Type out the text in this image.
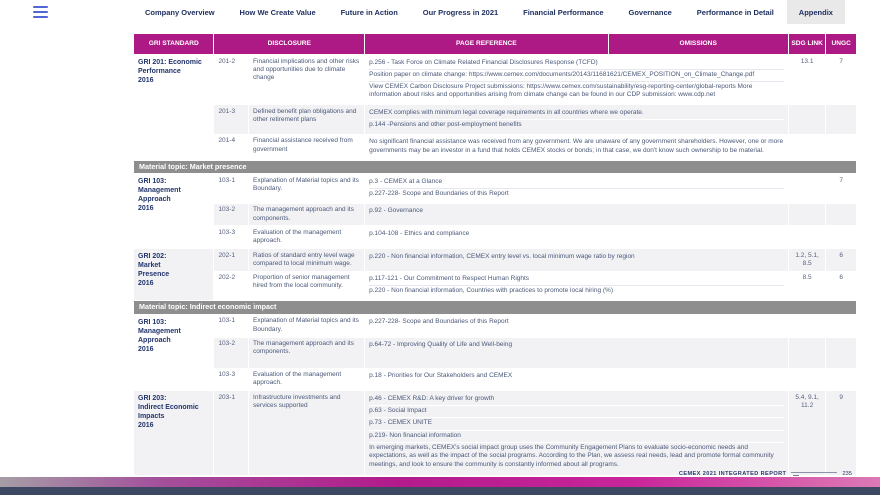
Company Overview	How We Create Value	Future in Action	Our Progress in 2021	Financial Performance	Governance	Performance in Detail	Appendix
GRI STANDARD	DISCLOSURE		PAGE REFERENCE	OMISSIONS	SDG LINK	UNGC

GRI 201: Economic
Performance
2016
	201-2	Financial implications and other risks and opportunities due to climate change	
p.256 - Task Force on Climate Related Financial Disclosures Response (TCFD)
Position paper on climate change: https://www.cemex.com/documents/20143/11681621/CEMEX_POSITION_on_Climate_Change.pdf
View CEMEX Carbon Disclosure Project submissions: https://www.cemex.com/sustainability/esg-reporting-center/global-reports More information about risks and opportunities arising from climate change can be found in our CDP submission: www.cdp.net
	13.1	7
	201-3	Defined benefit plan obligations and other retirement plans	CEMEX complies with minimum legal coverage requirements in all countries where we operate.
p.144 -Pensions and other post-employment benefits			

	201-4	Financial assistance received from government	No significant financial assistance was received from any government. We are unaware of any government shareholders. However, one or more governments may be an investor in a fund that holds CEMEX stocks or bonds; in that case, we don't know such ownership to be material.			

Material topic: Market presence						

GRI 103:
Management
Approach
2016
	103-1	Explanation of Material topics and its Boundary.	
p.3 - CEMEX at a Glance
p.227-228- Scope and Boundaries of this Report
		7
	103-2	The management approach and its components.	p.92 - Governance			

	103-3	Evaluation of the management approach.	p.104-108 - Ethics and compliance			

GRI 202:
Market
Presence
2016	202-1	Ratios of standard entry level wage compared to local minimum wage.	p.220 - Non financial information, CEMEX entry level vs. local minimum wage ratio by region		1.2, 5.1, 8.5	6
	202-2	Proportion of senior management hired from the local community.	p.117-121 - Our Commitment to Respect Human Rights
p.220 - Non financial information, Countries with practices to promote local hiring (%)		8.5	6
Material topic: Indirect economic impact						

GRI 103:
Management
Approach
2016	103-1	Explanation of Material topics and its Boundary.	p.227-228- Scope and Boundaries of this Report			

	103-2	The management approach and its components.	p.64-72 - Improving Quality of Life and Well-being			

	103-3	Evaluation of the management approach.	p.18 - Priorities for Our Stakeholders and CEMEX			

GRI 203:
Indirect Economic
Impacts
2016
	203-1	Infrastructure investments and services supported	
p.46 - CEMEX R&D: A key driver for growth
p.63 - Social Impact
p.73 - CEMEX UNITE
p.219- Non financial information
In emerging markets, CEMEX's social impact group uses the Community Engagement Plans to evaluate socio-economic needs and expectations, as well as the impact of the social programs. According to the Plan, we assess real needs, lead and promote formal community meetings, and look to ensure the community is constantly informed about all programs.
	5.4, 9.1, 11.2	9
CEMEX 2021 INTEGRATED REPORT	235
